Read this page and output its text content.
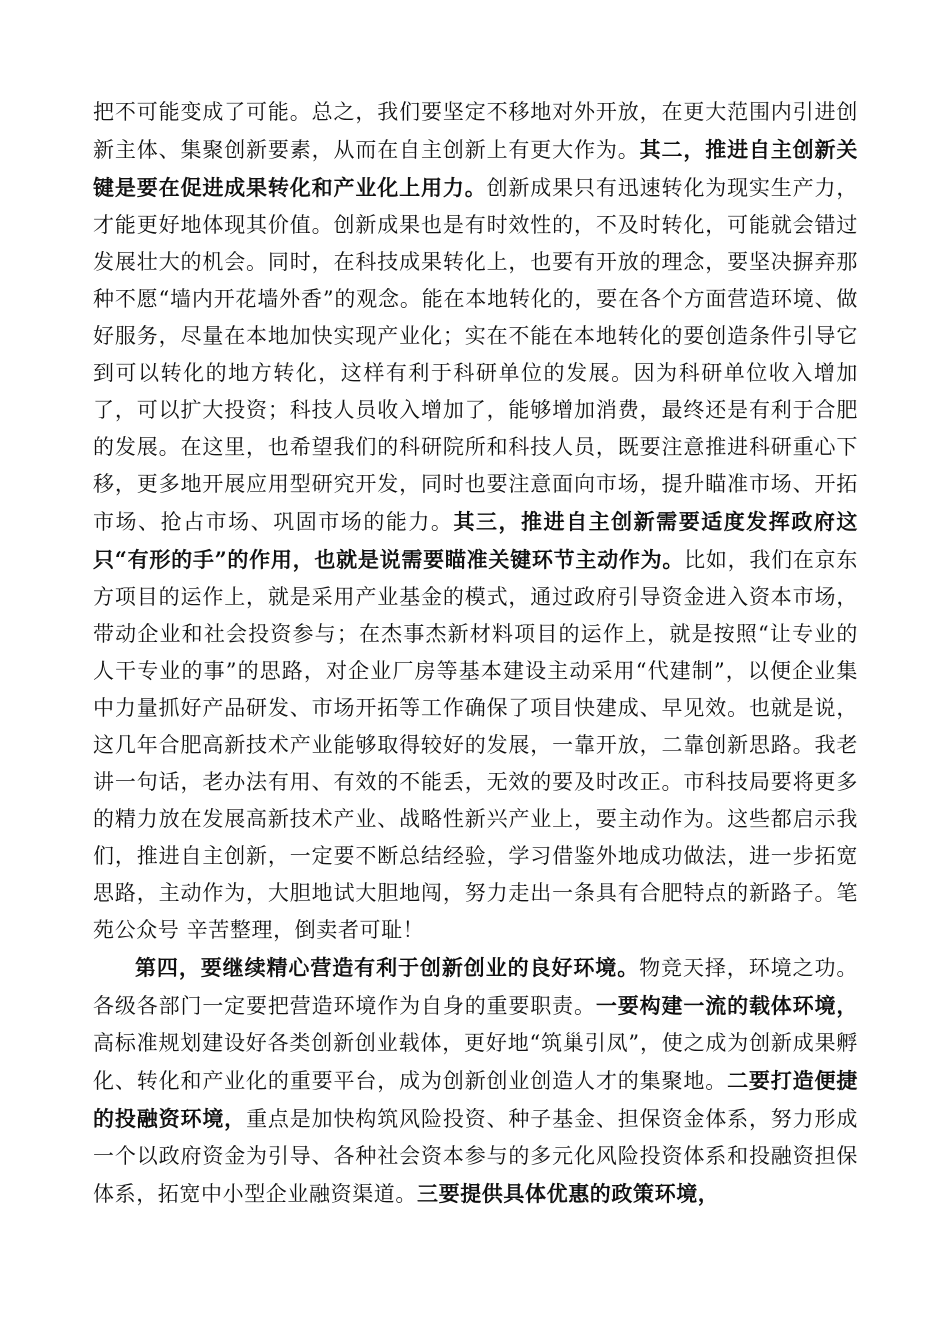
把不可能变成了可能。总之，我们要坚定不移地对外开放，在更大范围内引进创新主体、集聚创新要素，从而在自主创新上有更大作为。其二，推进自主创新关键是要在促进成果转化和产业化上用力。创新成果只有迅速转化为现实生产力，才能更好地体现其价值。创新成果也是有时效性的，不及时转化，可能就会错过发展壮大的机会。同时，在科技成果转化上，也要有开放的理念，要坚决摒弃那种不愿“墙内开花墙外香”的观念。能在本地转化的，要在各个方面营造环境、做好服务，尽量在本地加快实现产业化；实在不能在本地转化的要创造条件引导它到可以转化的地方转化，这样有利于科研单位的发展。因为科研单位收入增加了，可以扩大投资；科技人员收入增加了，能够增加消费，最终还是有利于合肥的发展。在这里，也希望我们的科研院所和科技人员，既要注意推进科研重心下移，更多地开展应用型研究开发，同时也要注意面向市场，提升瞄准市场、开拓市场、抢占市场、巩固市场的能力。其三，推进自主创新需要适度发挥政府这只“有形的手”的作用，也就是说需要瞄准关键环节主动作为。比如，我们在京东方项目的运作上，就是采用产业基金的模式，通过政府引导资金进入资本市场，带动企业和社会投资参与；在杰事杰新材料项目的运作上，就是按照“让专业的人干专业的事”的思路，对企业厂房等基本建设主动采用“代建制”，以便企业集中力量抓好产品研发、市场开拓等工作确保了项目快建成、早见效。也就是说，这几年合肥高新技术产业能够取得较好的发展，一靠开放，二靠创新思路。我老讲一句话，老办法有用、有效的不能丢，无效的要及时改正。市科技局要将更多的精力放在发展高新技术产业、战略性新兴产业上，要主动作为。这些都启示我们，推进自主创新，一定要不断总结经验，学习借鉴外地成功做法，进一步拓宽思路，主动作为，大胆地试大胆地闯，努力走出一条具有合肥特点的新路子。笔苑公众号 辛苦整理，倒卖者可耻！

第四，要继续精心营造有利于创新创业的良好环境。物竞天择，环境之功。各级各部门一定要把营造环境作为自身的重要职责。一要构建一流的载体环境，高标准规划建设好各类创新创业载体，更好地“筑巢引凤”，使之成为创新成果孵化、转化和产业化的重要平台，成为创新创业创造人才的集聚地。二要打造便捷的投融资环境，重点是加快构筑风险投资、种子基金、担保资金体系，努力形成一个以政府资金为引导、各种社会资本参与的多元化风险投资体系和投融资担保体系，拓宽中小型企业融资渠道。三要提供具体优惠的政策环境，
